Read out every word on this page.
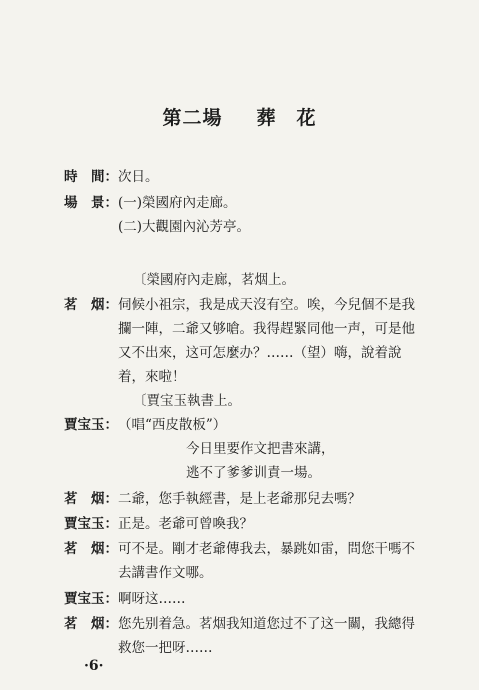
第二場 葬　花
時　間： 次日。
場　景： (一)榮國府內走廊。
(二)大觀園內沁芳亭。
〔榮國府內走廊，茗烟上。
茗　烟： 伺候小祖宗，我是成天沒有空。唉，今兒個不是我
攔一陣，二爺又够嗆。我得趕緊同他一声，可是他
又不出來，这可怎麼办？……（望）嗨，說着說
着，來啦！
〔賈宝玉執書上。
賈宝玉： （唱“西皮散板”）
今日里要作文把書來講，
逃不了爹爹训責一場。
茗　烟： 二爺，您手執經書，是上老爺那兒去嗎？
賈宝玉： 正是。老爺可曾喚我？
茗　烟： 可不是。剛才老爺傳我去，暴跳如雷，問您干嗎不
去講書作文哪。
賈宝玉： 啊呀这……
茗　烟： 您先别着急。茗烟我知道您过不了这一關，我總得
救您一把呀……
·6·
